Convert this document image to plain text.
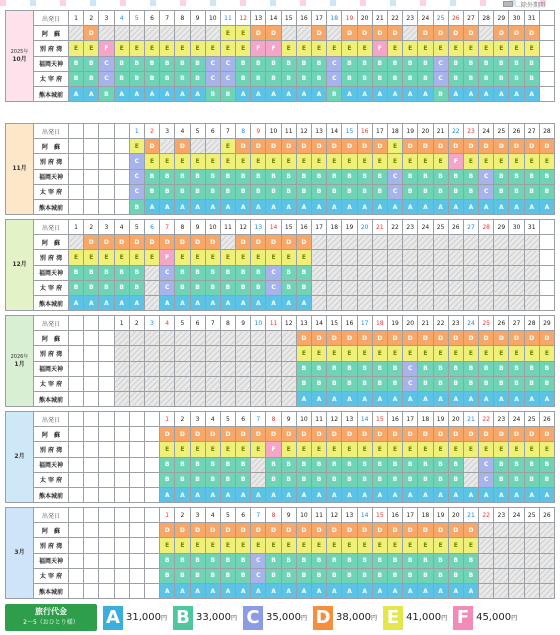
…除外期間
2025年
10月	出発日	1	2	3	4	5	6	7	8	9	10	11	12	13	14	15	16	17	18	19	20	21	22	23	24	25	26	27	28	29	30	31	
	阿　蘇		D									E	E	D	D			D		D	D	D	D		D	D	D	D		D	D	D	
	別 府 湾	E	E	F	E	E	E	E	E	E	E	E	E	F	F	E	E	E	E	E	E	F	E	E	E	E	E	E	E	E	E	E	
	福岡天神	B	B	C	B	B	B	B	B	B	C	C	B	B	B	B	B	B	C	B	B	B	B	B	B	C	B	B	B	B	B	B	
	太 宰 府	B	B	C	B	B	B	B	B	B	C	C	B	B	B	B	B	B	C	B	B	B	B	B	B	C	B	B	B	B	B	B	
	熊本城前	A	A	B	A	A	A	A	A	A	B	B	A	A	A	A	A	A	B	A	A	A	A	A	A	B	A	A	A	A	A	A	
11月	出発日					1	2	3	4	5	6	7	8	9	10	11	12	13	14	15	16	17	18	19	20	21	22	23	24	25	26	27	28
	阿　蘇					E	D		D			E	D	D	D	D	D	D	D	D	D	D	E	D	D	D	D	D	D	D	D	D	D
	別 府 湾					C	E	E	E	E	E	E	E	E	E	E	E	E	E	E	E	E	E	E	E	E	F	E	E	E	E	E	E
	福岡天神					C	B	B	B	B	B	B	B	B	B	B	B	B	B	B	B	B	C	B	B	B	B	B	C	B	B	B	B
	太 宰 府					C	B	B	B	B	B	B	B	B	B	B	B	B	B	B	B	B	C	B	B	B	B	B	C	B	B	B	B
	熊本城前					B	A	A	A	A	A	A	A	A	A	A	A	A	A	A	A	A	A	A	A	A	A	A	A	A	A	A	A
12月	出発日	1	2	3	4	5	6	7	8	9	10	11	12	13	14	15	16	17	18	19	20	21	22	23	24	25	26	27	28	29	30	31	
	阿　蘇		D	D	D	D	D	D	D	D	D		D	D	D	D	D																
	別 府 湾	E	E	E	E	E	E	F	E	E	E	E	E	E	E	E	E																
	福岡天神	B	B	B	B	B		C	B	B	B	B	B	B	C	B	B																
	太 宰 府	B	B	B	B	B		C	B	B	B	B	B	B	C	B	B																
	熊本城前	A	A	A	A	A		A	A	A	A	A	A	A	A	A	A																
2026年
1月	出発日				1	2	3	4	5	6	7	8	9	10	11	12	13	14	15	16	17	18	19	20	21	22	23	24	25	26	27	28	29
	阿　蘇																D	D	D	D	D	D	D	D	D	D	D	D	D	D	D	D	D
	別 府 湾																E	E	E	E	E	E	E	E	E	E	E	E	E	E	E	E	E
	福岡天神																B	B	B	B	B	B	B	C	B	B	B	B	B	B	B	B	B
	太 宰 府																B	B	B	B	B	B	B	C	B	B	B	B	B	B	B	B	B
	熊本城前																A	A	A	A	A	A	A	A	A	A	A	A	A	A	A	A	A
2月	出発日							1	2	3	4	5	6	7	8	9	10	11	12	13	14	15	16	17	18	19	20	21	22	23	24	25	26
	阿　蘇							D	D	D	D	D	D	D	D	D	D	D	D	D	D	D	D	D	D	D	D	D	D	D	D	D	D
	別 府 湾							E	E	E	E	E	E	E	F	E	E	E	E	E	E	E	E	E	E	E	E	E	E	E	E	E	E
	福岡天神							B	B	B	B	B	B		B	B	B	B	B	B	B	B	B	B	B	B	B		C	B	B	B	B
	太 宰 府							B	B	B	B	B	B		B	B	B	B	B	B	B	B	B	B	B	B	B		C	B	B	B	B
	熊本城前							A	A	A	A	A	A	A	A	A	A	A	A	A	A	A	A	A	A	A	A	A	A	A	A	A	A
3月	出発日							1	2	3	4	5	6	7	8	9	10	11	12	13	14	15	16	17	18	19	20	21	22	23	24	25	26
	阿　蘇							D	D	D	D	D	D	D	D	D	D	D	D	D	D	D	D	D	D	D	D	D					
	別 府 湾							E	E	E	E	E	E	E	E	E	E	E	E	E	E	E	E	E	E	E	E	E					
	福岡天神							B	B	B	B	B	B	C	B	B	B	B	B	B	B	B	B	B	B	B	B	B					
	太 宰 府							B	B	B	B	B	B	C	B	B	B	B	B	B	B	B	B	B	B	B	B	B					
	熊本城前							A	A	A	A	A	A	A	A	A	A	A	A	A	A	A	A	A	A	A	A	A					
旅行代金
2〜5（おひとり様）	A 31,000円 B 33,000円 C 35,000円 D 38,000円 E 41,000円 F 45,000円
